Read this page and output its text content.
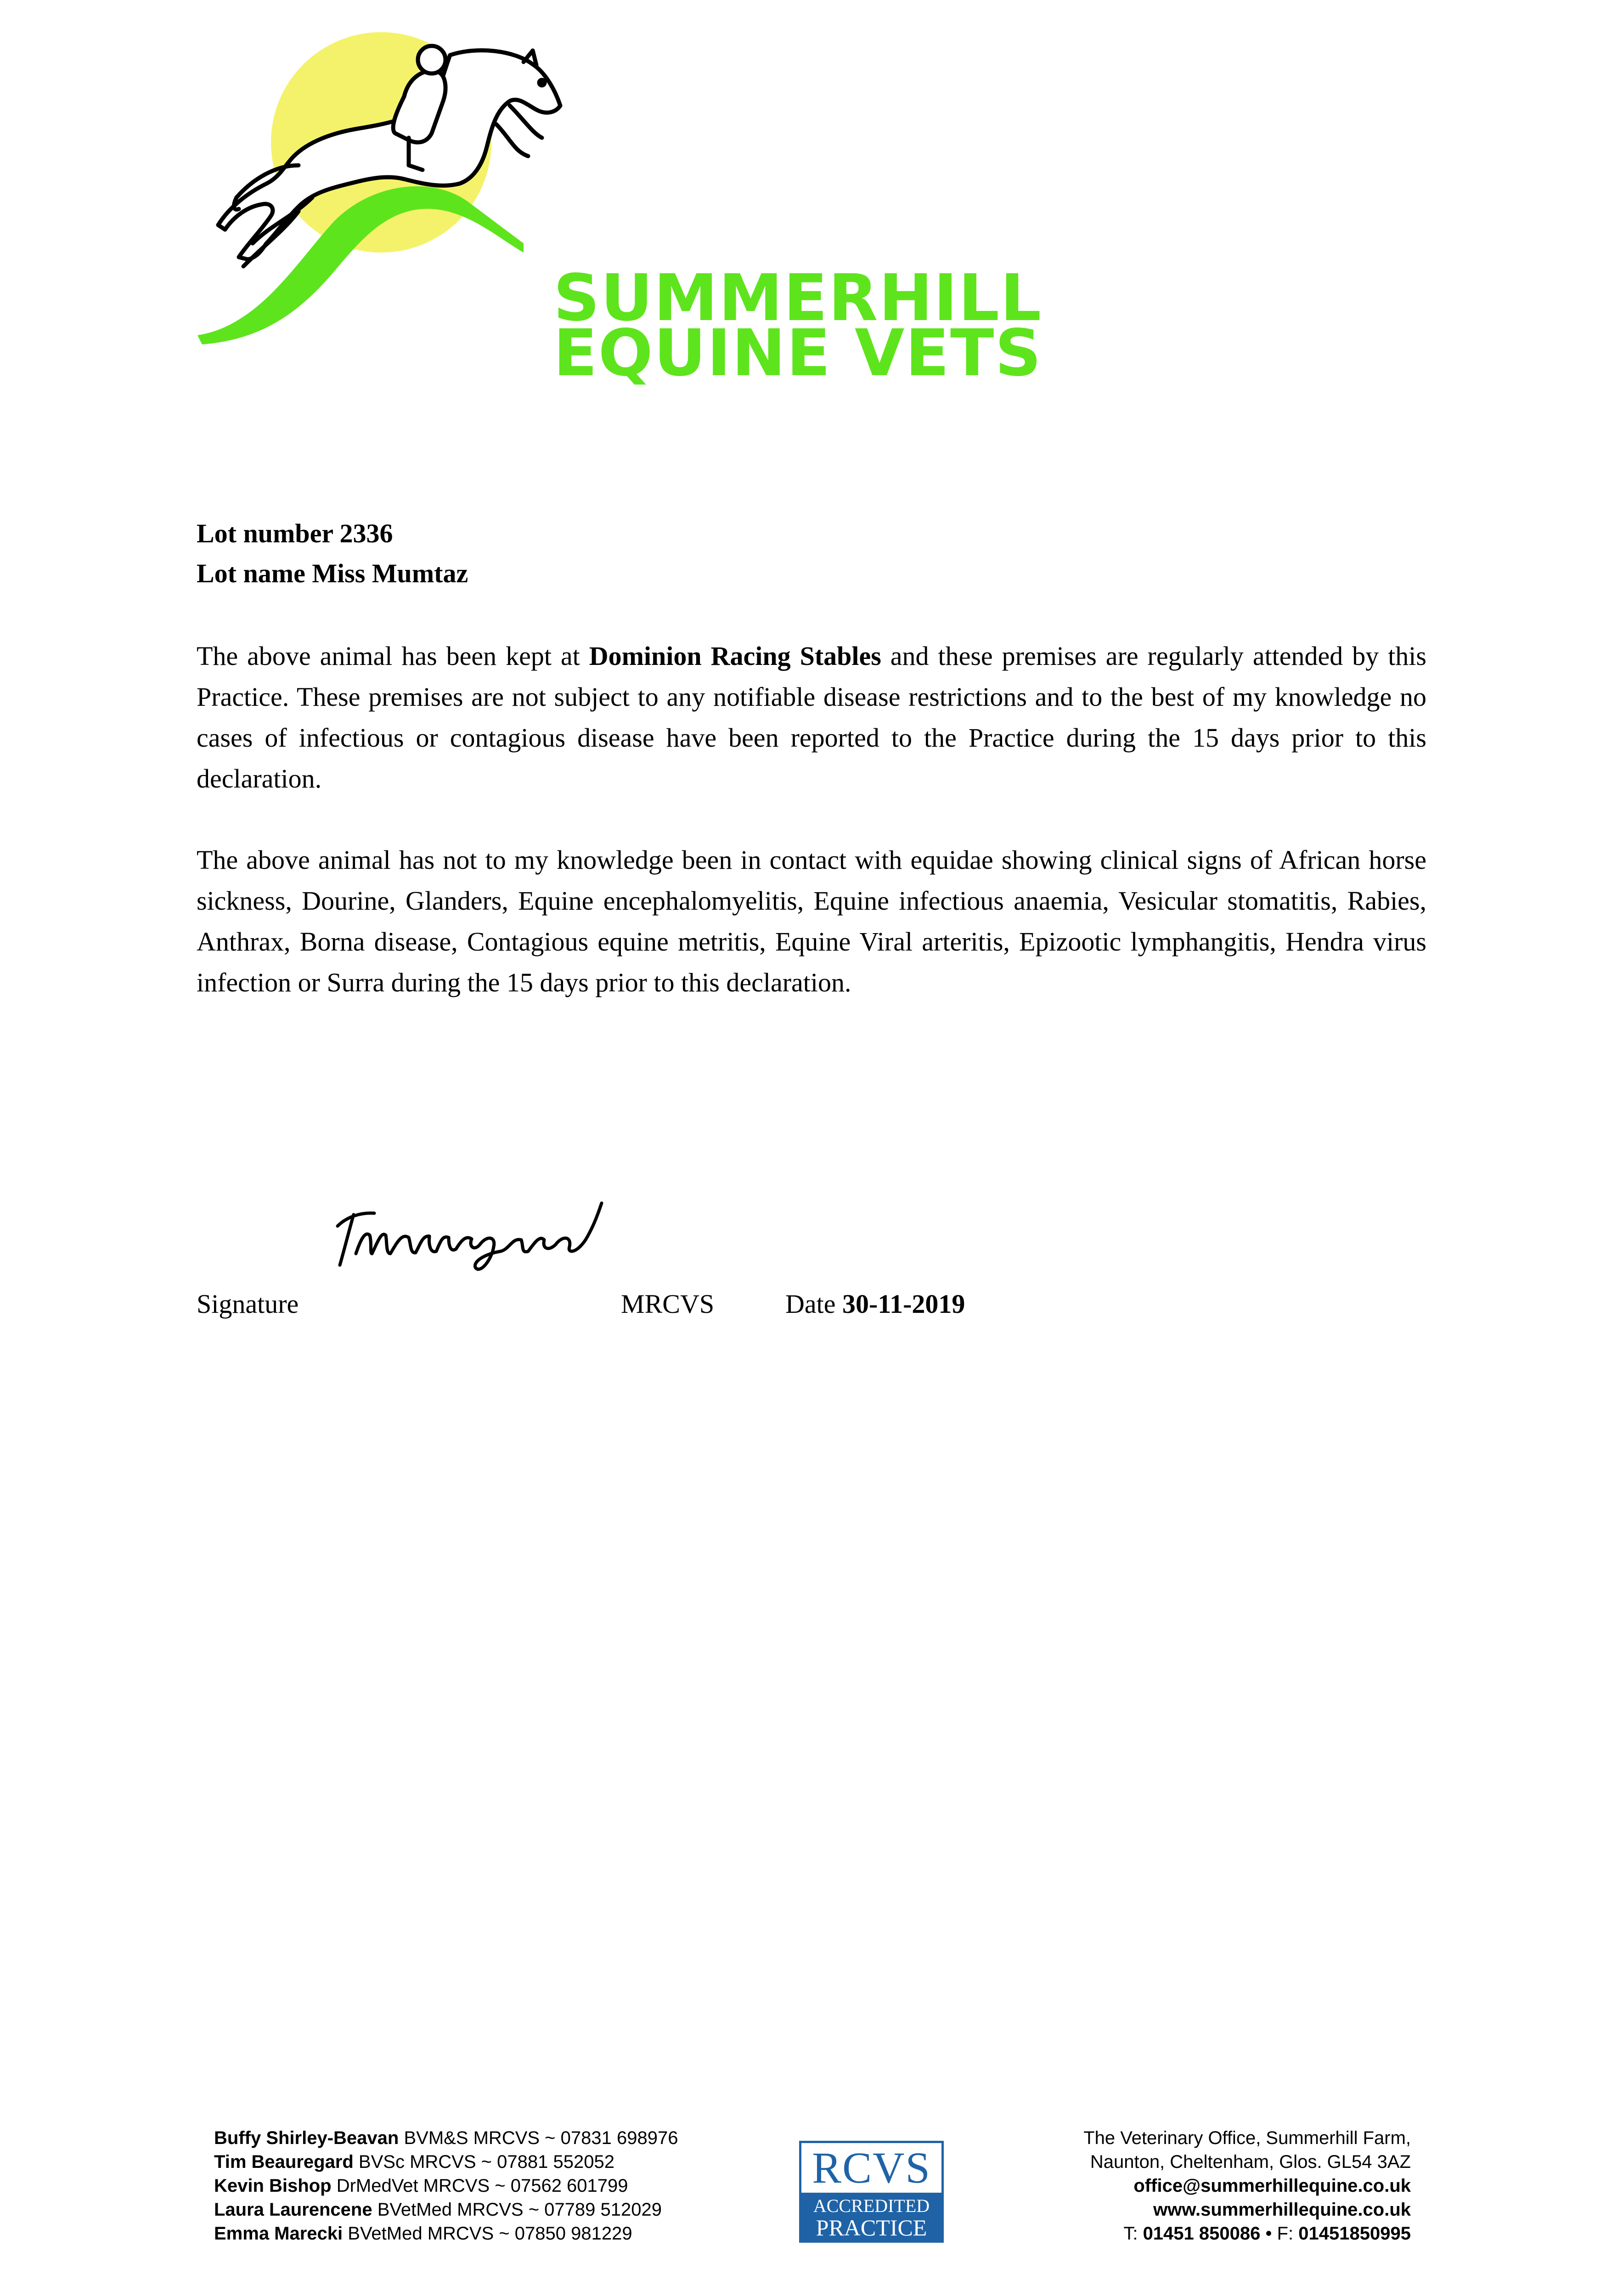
SUMMERHILL
EQUINE VETS
Lot number 2336
Lot name Miss Mumtaz
The above animal has been kept at Dominion Racing Stables and these premises are regularly attended by this Practice. These premises are not subject to any notifiable disease restrictions and to the best of my knowledge no cases of infectious or contagious disease have been reported to the Practice during the 15 days prior to this declaration.
The above animal has not to my knowledge been in contact with equidae showing clinical signs of African horse sickness, Dourine, Glanders, Equine encephalomyelitis, Equine infectious anaemia, Vesicular stomatitis, Rabies, Anthrax, Borna disease, Contagious equine metritis, Equine Viral arteritis, Epizootic lymphangitis, Hendra virus infection or Surra during the 15 days prior to this declaration.
Signature	MRCVS	Date 30-11-2019
Buffy Shirley-Beavan BVM&S MRCVS ~ 07831 698976
Tim Beauregard BVSc MRCVS ~ 07881 552052
Kevin Bishop DrMedVet MRCVS ~ 07562 601799
Laura Laurencene BVetMed MRCVS ~ 07789 512029
Emma Marecki BVetMed MRCVS ~ 07850 981229
RCVS
ACCREDITED
PRACTICE
The Veterinary Office, Summerhill Farm,
Naunton, Cheltenham, Glos. GL54 3AZ
office@summerhillequine.co.uk
www.summerhillequine.co.uk
T: 01451 850086 • F: 01451850995
